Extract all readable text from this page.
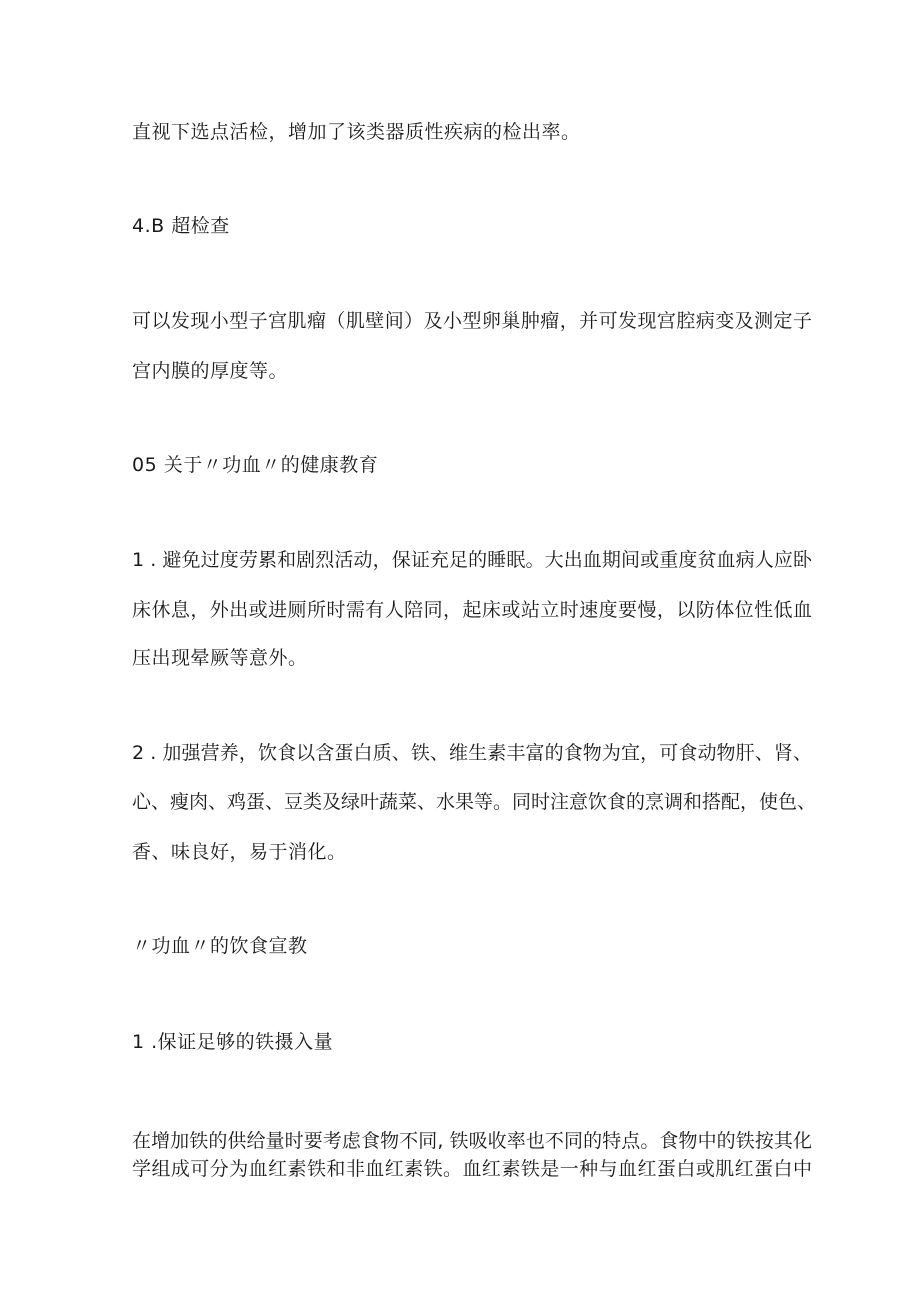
直视下选点活检，增加了该类器质性疾病的检出率。

4.B 超检查

可以发现小型子宫肌瘤（肌壁间）及小型卵巢肿瘤，并可发现宫腔病变及测定子

宫内膜的厚度等。

05 关于〃功血〃的健康教育

1 . 避免过度劳累和剧烈活动，保证充足的睡眠。大出血期间或重度贫血病人应卧

床休息，外出或进厕所时需有人陪同，起床或站立时速度要慢，以防体位性低血

压出现晕厥等意外。

2 . 加强营养，饮食以含蛋白质、铁、维生素丰富的食物为宜，可食动物肝、肾、

心、瘦肉、鸡蛋、豆类及绿叶蔬菜、水果等。同时注意饮食的烹调和搭配，使色、

香、味良好，易于消化。

〃功血〃的饮食宣教

1 .保证足够的铁摄入量

在增加铁的供给量时要考虑食物不同, 铁吸收率也不同的特点。食物中的铁按其化

学组成可分为血红素铁和非血红素铁。血红素铁是一种与血红蛋白或肌红蛋白中
